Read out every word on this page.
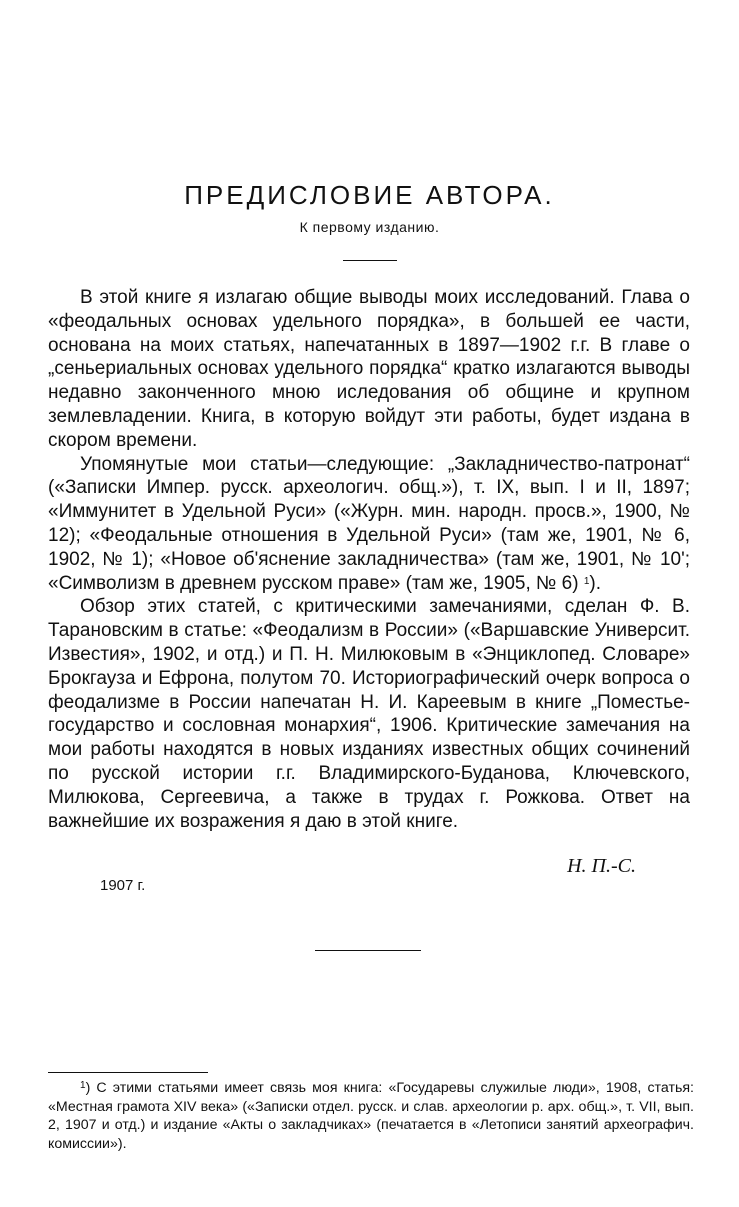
ПРЕДИСЛОВИЕ АВТОРА.
К первому изданию.

В этой книге я излагаю общие выводы моих исследований. Глава о «феодальных основах удельного порядка», в большей ее части, основана на моих статьях, напечатанных в 1897—1902 г.г. В главе о „сеньериальных основах удельного порядка“ кратко излагаются выводы недавно законченного мною иcледования об общине и крупном землевладении. Книга, в которую войдут эти работы, будет издана в скором времени.

Упомянутые мои статьи—следующие: „Закладничество-патронат“ («Записки Импер. русск. археологич. общ.»), т. IX, вып. I и II, 1897; «Иммунитет в Удельной Руси» («Журн. мин. народн. просв.», 1900, № 12); «Феодальные отношения в Удельной Руси» (там же, 1901, № 6, 1902, № 1); «Новое об'яснение закладничества» (там же, 1901, № 10'; «Символизм в древнем русском праве» (там же, 1905, № 6) $^1$).

Обзор этих статей, с критическими замечаниями, сделан Ф. В. Тарановским в статье: «Феодализм в России» («Варшавские Университ. Известия», 1902, и отд.) и П. Н. Милюковым в «Энциклопед. Словаре» Брокгауза и Ефрона, полутом 70. Историографический очерк вопроса о феодализме в России напечатан Н. И. Кареевым в книге „Поместье-государство и сословная монархия“, 1906. Критические замечания на мои работы находятся в новых изданиях известных общих сочинений по русской истории г.г. Владимирского-Буданова, Ключевского, Милюкова, Сергеевича, а также в трудах г. Рожкова. Ответ на важнейшие их возражения я даю в этой книге.

Н. П.-С.
1907 г.
$^1$) С этими статьями имеет связь моя книга: «Государевы служилые люди», 1908, статья: «Местная грамота XIV века» («Записки отдел. русск. и слав. археологии р. арх. общ.», т. VII, вып. 2, 1907 и отд.) и издание «Акты о закладчиках» (печатается в «Летописи занятий археографич. комиссии»).
